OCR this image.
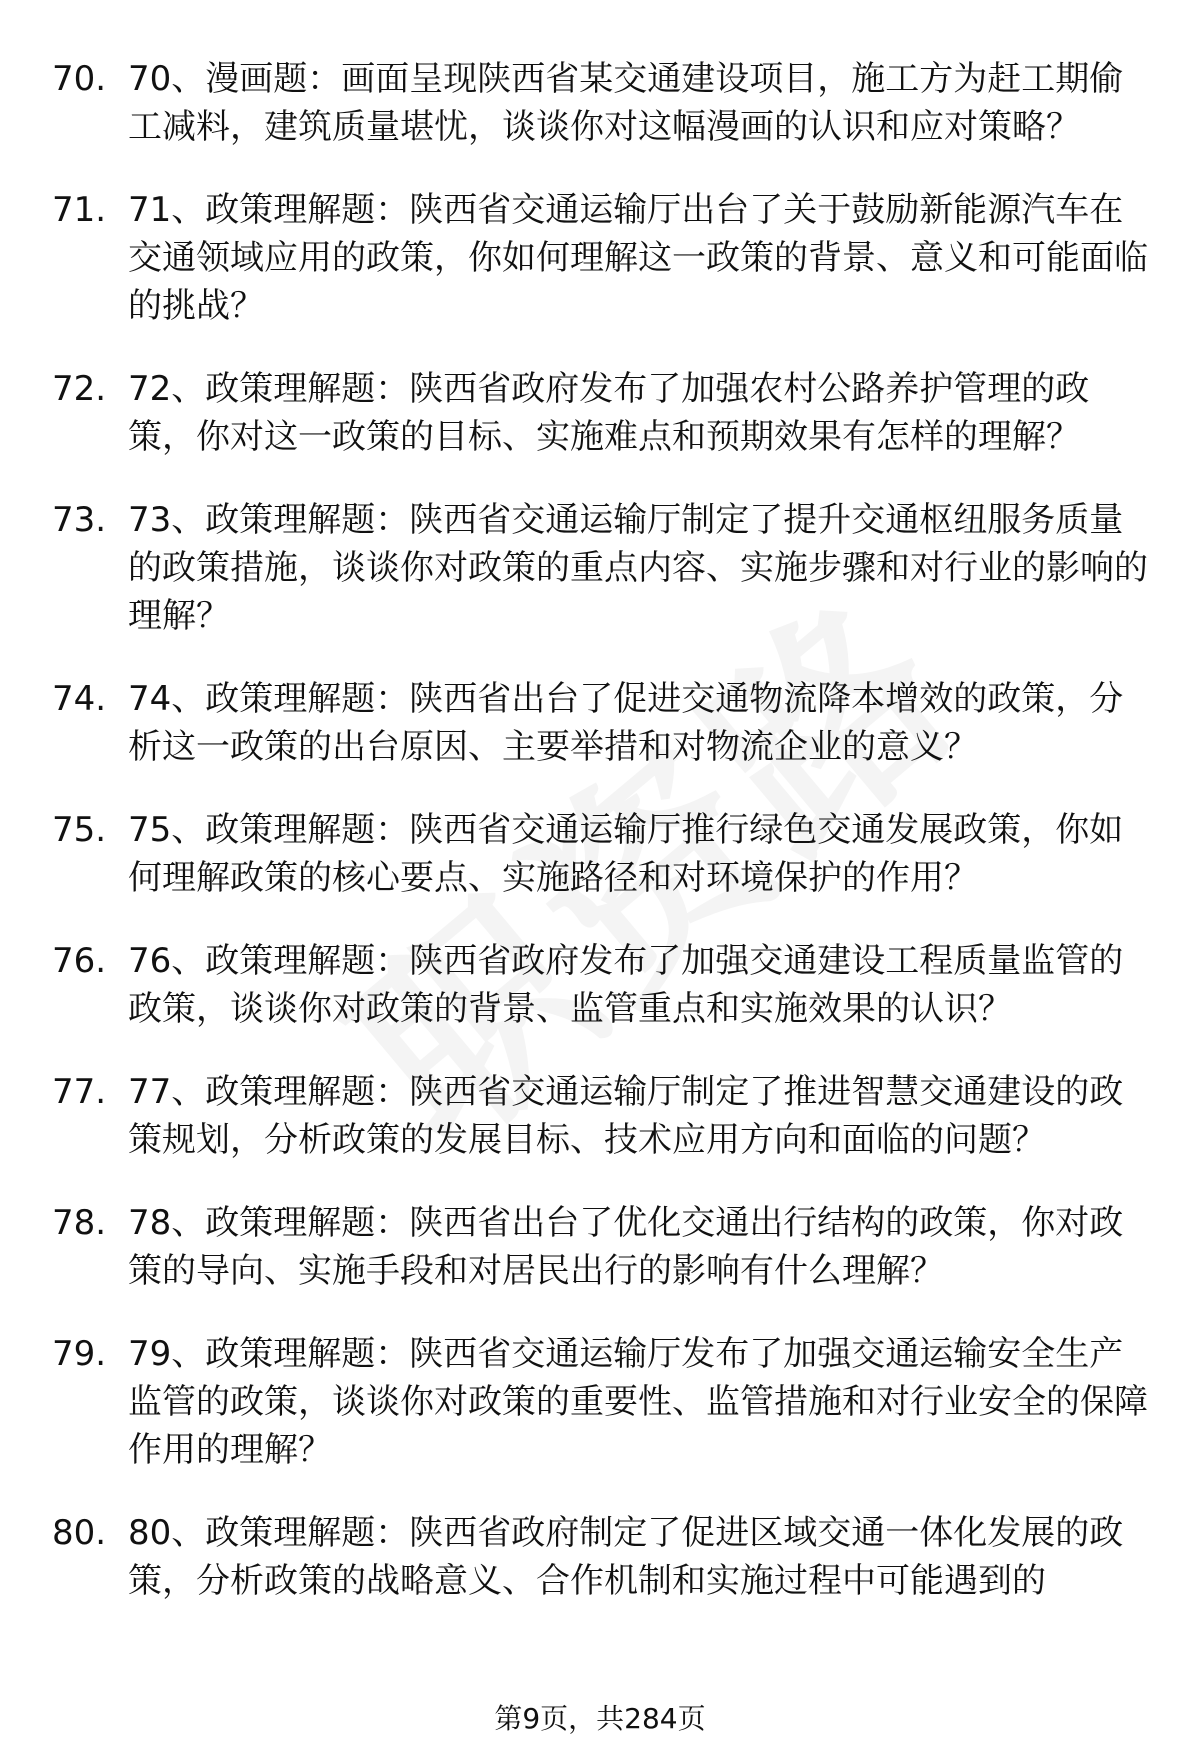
70. 70、漫画题：画面呈现陕西省某交通建设项目，施工方为赶工期偷工减料，建筑质量堪忧，谈谈你对这幅漫画的认识和应对策略？
71. 71、政策理解题：陕西省交通运输厅出台了关于鼓励新能源汽车在交通领域应用的政策，你如何理解这一政策的背景、意义和可能面临的挑战？
72. 72、政策理解题：陕西省政府发布了加强农村公路养护管理的政策，你对这一政策的目标、实施难点和预期效果有怎样的理解？
73. 73、政策理解题：陕西省交通运输厅制定了提升交通枢纽服务质量的政策措施，谈谈你对政策的重点内容、实施步骤和对行业的影响的理解？
74. 74、政策理解题：陕西省出台了促进交通物流降本增效的政策，分析这一政策的出台原因、主要举措和对物流企业的意义？
75. 75、政策理解题：陕西省交通运输厅推行绿色交通发展政策，你如何理解政策的核心要点、实施路径和对环境保护的作用？
76. 76、政策理解题：陕西省政府发布了加强交通建设工程质量监管的政策，谈谈你对政策的背景、监管重点和实施效果的认识？
77. 77、政策理解题：陕西省交通运输厅制定了推进智慧交通建设的政策规划，分析政策的发展目标、技术应用方向和面临的问题？
78. 78、政策理解题：陕西省出台了优化交通出行结构的政策，你对政策的导向、实施手段和对居民出行的影响有什么理解？
79. 79、政策理解题：陕西省交通运输厅发布了加强交通运输安全生产监管的政策，谈谈你对政策的重要性、监管措施和对行业安全的保障作用的理解？
80. 80、政策理解题：陕西省政府制定了促进区域交通一体化发展的政策，分析政策的战略意义、合作机制和实施过程中可能遇到的
第9页，共284页
